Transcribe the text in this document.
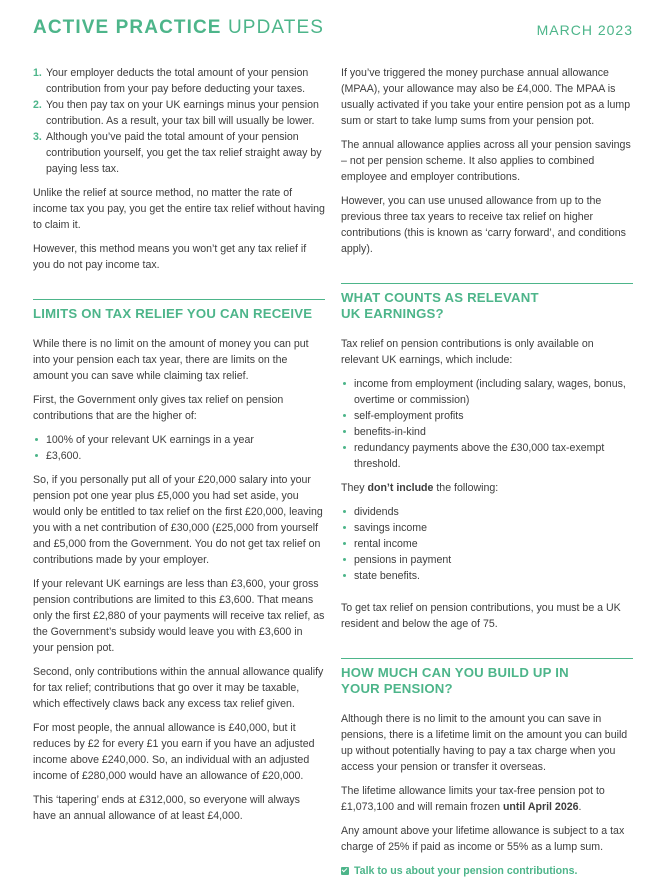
ACTIVE PRACTICE UPDATES	MARCH 2023
1. Your employer deducts the total amount of your pension contribution from your pay before deducting your taxes.
2. You then pay tax on your UK earnings minus your pension contribution. As a result, your tax bill will usually be lower.
3. Although you’ve paid the total amount of your pension contribution yourself, you get the tax relief straight away by paying less tax.

Unlike the relief at source method, no matter the rate of income tax you pay, you get the entire tax relief without having to claim it.

However, this method means you won’t get any tax relief if you do not pay income tax.

LIMITS ON TAX RELIEF YOU CAN RECEIVE

While there is no limit on the amount of money you can put into your pension each tax year, there are limits on the amount you can save while claiming tax relief.

First, the Government only gives tax relief on pension contributions that are the higher of:

100% of your relevant UK earnings in a year
£3,600.

So, if you personally put all of your £20,000 salary into your pension pot one year plus £5,000 you had set aside, you would only be entitled to tax relief on the first £20,000, leaving you with a net contribution of £30,000 (£25,000 from yourself and £5,000 from the Government. You do not get tax relief on contributions made by your employer.

If your relevant UK earnings are less than £3,600, your gross pension contributions are limited to this £3,600. That means only the first £2,880 of your payments will receive tax relief, as the Government’s subsidy would leave you with £3,600 in your pension pot.

Second, only contributions within the annual allowance qualify for tax relief; contributions that go over it may be taxable, which effectively claws back any excess tax relief given.

For most people, the annual allowance is £40,000, but it reduces by £2 for every £1 you earn if you have an adjusted income above £240,000. So, an individual with an adjusted income of £280,000 would have an allowance of £20,000.

This ‘tapering’ ends at £312,000, so everyone will always have an annual allowance of at least £4,000.

If you’ve triggered the money purchase annual allowance (MPAA), your allowance may also be £4,000. The MPAA is usually activated if you take your entire pension pot as a lump sum or start to take lump sums from your pension pot.

The annual allowance applies across all your pension savings – not per pension scheme. It also applies to combined employee and employer contributions.

However, you can use unused allowance from up to the previous three tax years to receive tax relief on higher contributions (this is known as ‘carry forward’, and conditions apply).

WHAT COUNTS AS RELEVANT
UK EARNINGS?

Tax relief on pension contributions is only available on relevant UK earnings, which include:

income from employment (including salary, wages, bonus, overtime or commission)
self-employment profits
benefits-in-kind
redundancy payments above the £30,000 tax-exempt threshold.

They don’t include the following:

dividends
savings income
rental income
pensions in payment
state benefits.

To get tax relief on pension contributions, you must be a UK resident and below the age of 75.

HOW MUCH CAN YOU BUILD UP IN
YOUR PENSION?

Although there is no limit to the amount you can save in pensions, there is a lifetime limit on the amount you can build up without potentially having to pay a tax charge when you access your pension or transfer it overseas.

The lifetime allowance limits your tax-free pension pot to £1,073,100 and will remain frozen until April 2026.

Any amount above your lifetime allowance is subject to a tax charge of 25% if paid as income or 55% as a lump sum.

Talk to us about your pension contributions.
